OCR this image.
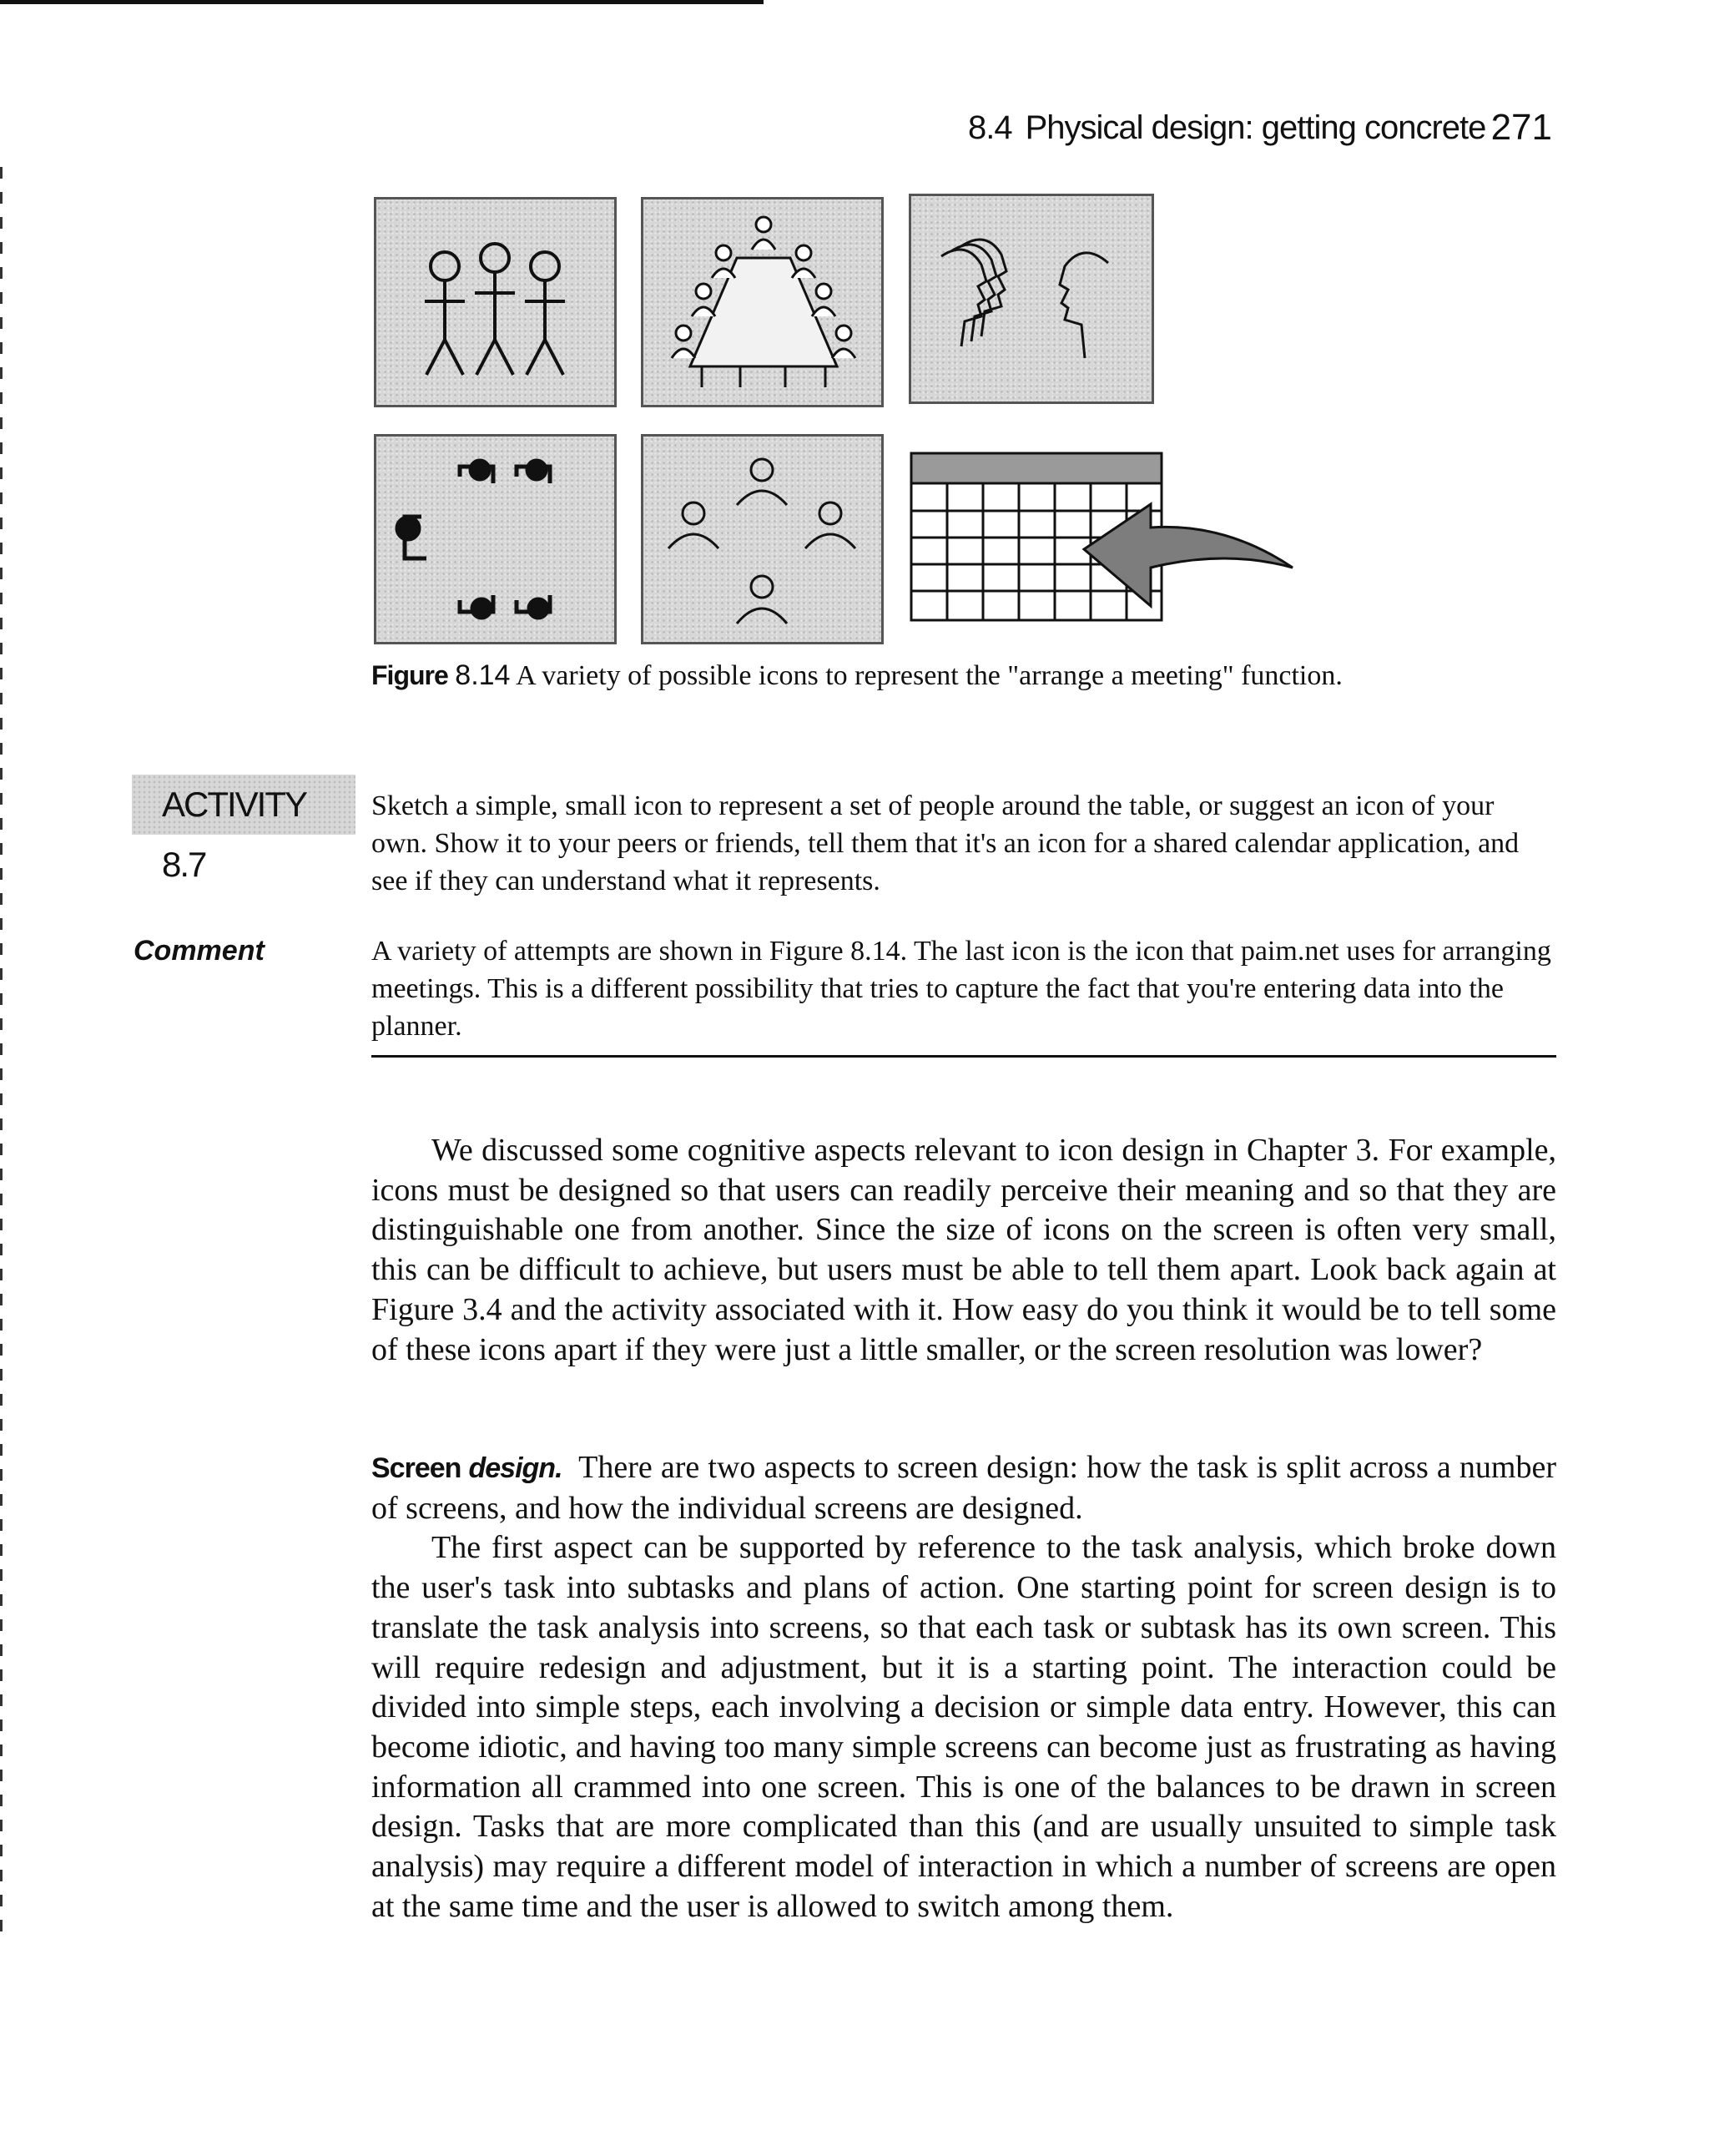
8.4 Physical design: getting concrete 271
Figure 8.14 A variety of possible icons to represent the "arrange a meeting" function.
ACTIVITY 8.7
Sketch a simple, small icon to represent a set of people around the table, or suggest an icon of your own. Show it to your peers or friends, tell them that it's an icon for a shared calendar application, and see if they can understand what it represents.
Comment	A variety of attempts are shown in Figure 8.14. The last icon is the icon that paim.net uses for arranging meetings. This is a different possibility that tries to capture the fact that you're entering data into the planner.
We discussed some cognitive aspects relevant to icon design in Chapter 3. For example, icons must be designed so that users can readily perceive their meaning and so that they are distinguishable one from another. Since the size of icons on the screen is often very small, this can be difficult to achieve, but users must be able to tell them apart. Look back again at Figure 3.4 and the activity associated with it. How easy do you think it would be to tell some of these icons apart if they were just a little smaller, or the screen resolution was lower?
Screen design. There are two aspects to screen design: how the task is split across a number of screens, and how the individual screens are designed.
The first aspect can be supported by reference to the task analysis, which broke down the user's task into subtasks and plans of action. One starting point for screen design is to translate the task analysis into screens, so that each task or subtask has its own screen. This will require redesign and adjustment, but it is a starting point. The interaction could be divided into simple steps, each involving a decision or simple data entry. However, this can become idiotic, and having too many simple screens can become just as frustrating as having information all crammed into one screen. This is one of the balances to be drawn in screen design. Tasks that are more complicated than this (and are usually unsuited to simple task analysis) may require a different model of interaction in which a number of screens are open at the same time and the user is allowed to switch among them.
